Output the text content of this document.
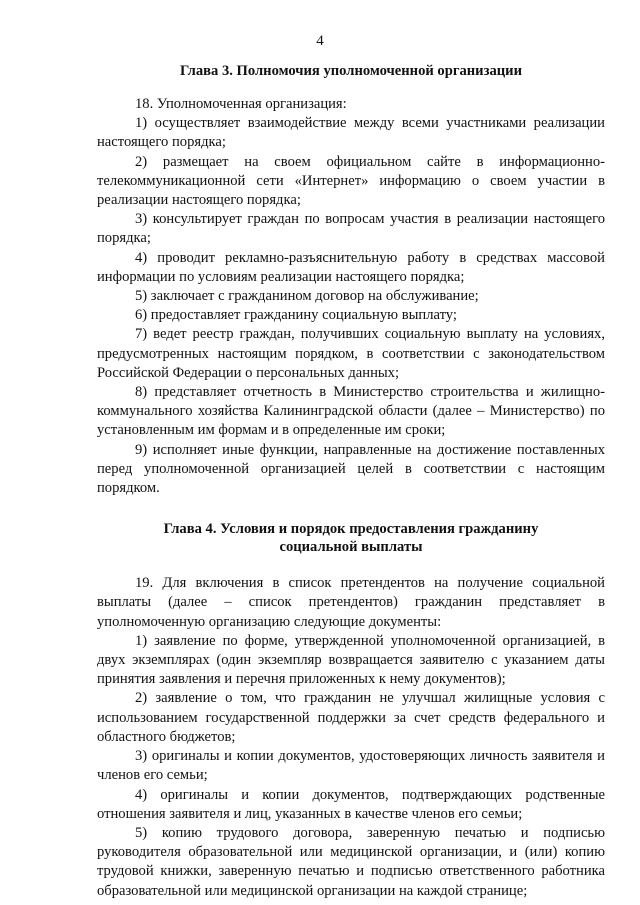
4

Глава 3. Полномочия уполномоченной организации

18. Уполномоченная организация:

1) осуществляет взаимодействие между всеми участниками реализации настоящего порядка;

2) размещает на своем официальном сайте в информационно-телекоммуникационной сети «Интернет» информацию о своем участии в реализации настоящего порядка;

3) консультирует граждан по вопросам участия в реализации настоящего порядка;

4) проводит рекламно-разъяснительную работу в средствах массовой информации по условиям реализации настоящего порядка;

5) заключает с гражданином договор на обслуживание;

6) предоставляет гражданину социальную выплату;

7) ведет реестр граждан, получивших социальную выплату на условиях, предусмотренных настоящим порядком, в соответствии с законодательством Российской Федерации о персональных данных;

8) представляет отчетность в Министерство строительства и жилищно-коммунального хозяйства Калининградской области (далее – Министерство) по установленным им формам и в определенные им сроки;

9) исполняет иные функции, направленные на достижение поставленных перед уполномоченной организацией целей в соответствии с настоящим порядком.

Глава 4. Условия и порядок предоставления гражданину
социальной выплаты

19. Для включения в список претендентов на получение социальной выплаты (далее – список претендентов) гражданин представляет в уполномоченную организацию следующие документы:

1) заявление по форме, утвержденной уполномоченной организацией, в двух экземплярах (один экземпляр возвращается заявителю с указанием даты принятия заявления и перечня приложенных к нему документов);

2) заявление о том, что гражданин не улучшал жилищные условия с использованием государственной поддержки за счет средств федерального и областного бюджетов;

3) оригиналы и копии документов, удостоверяющих личность заявителя и членов его семьи;

4) оригиналы и копии документов, подтверждающих родственные отношения заявителя и лиц, указанных в качестве членов его семьи;

5) копию трудового договора, заверенную печатью и подписью руководителя образовательной или медицинской организации, и (или) копию трудовой книжки, заверенную печатью и подписью ответственного работника образовательной или медицинской организации на каждой странице;
